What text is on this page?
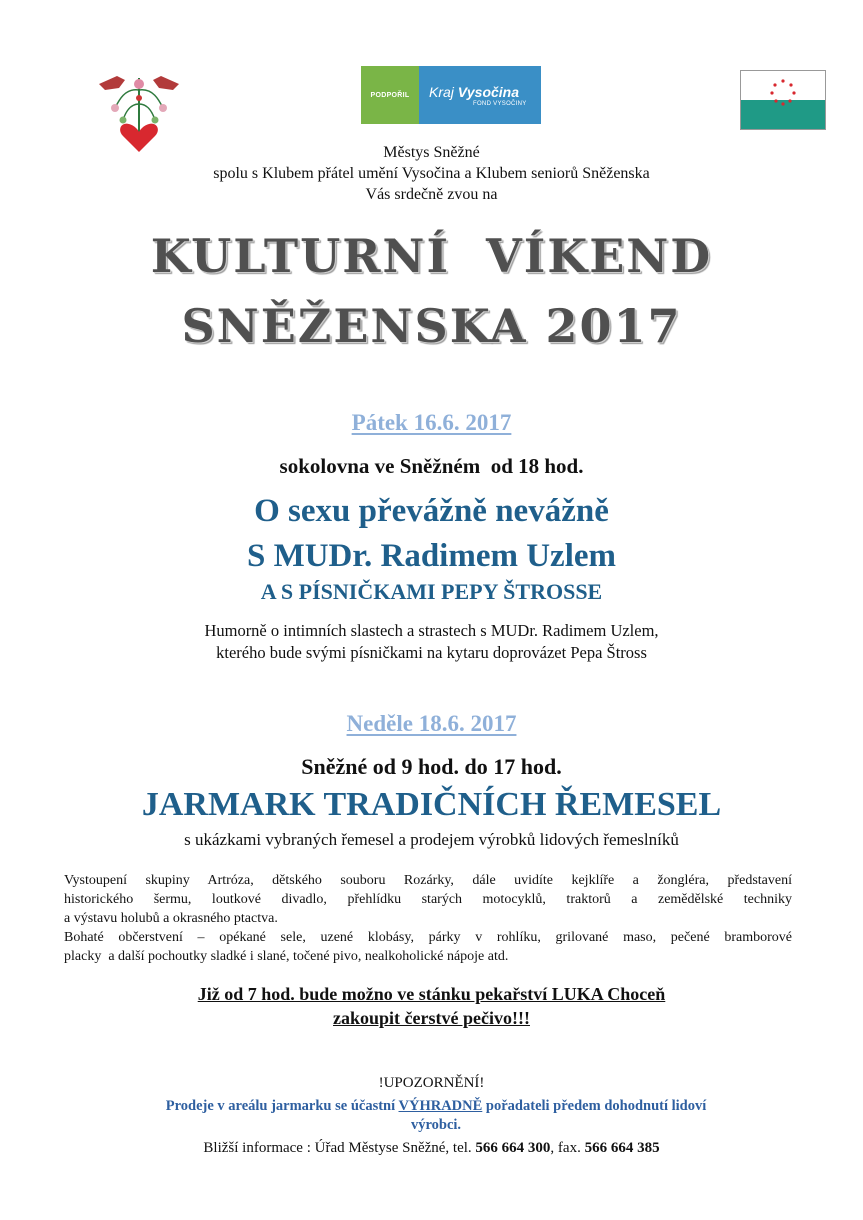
PODPOŘIL	Kraj Vysočina
FOND VYSOČINY
Městys Sněžné
spolu s Klubem přátel umění Vysočina a Klubem seniorů Sněženska
Vás srdečně zvou na
KULTURNÍ  VÍKEND
SNĚŽENSKA 2017
Pátek 16.6. 2017
sokolovna ve Sněžném  od 18 hod.
O sexu převážně nevážně
S MUDr. Radimem Uzlem
A S PÍSNIČKAMI PEPY ŠTROSSE
Humorně o intimních slastech a strastech s MUDr. Radimem Uzlem,
kterého bude svými písničkami na kytaru doprovázet Pepa Štross
Neděle 18.6. 2017
Sněžné od 9 hod. do 17 hod.
JARMARK TRADIČNÍCH ŘEMESEL
s ukázkami vybraných řemesel a prodejem výrobků lidových řemeslníků
Vystoupení skupiny Artróza, dětského souboru Rozárky, dále uvidíte kejklíře a žongléra, představení
historického šermu, loutkové divadlo, přehlídku starých motocyklů, traktorů a zemědělské techniky
a výstavu holubů a okrasného ptactva.
Bohaté občerstvení – opékané sele, uzené klobásy, párky v rohlíku, grilované maso, pečené bramborové
placky  a další pochoutky sladké i slané, točené pivo, nealkoholické nápoje atd.
Již od 7 hod. bude možno ve stánku pekařství LUKA Choceň
zakoupit čerstvé pečivo!!!
!UPOZORNĚNÍ!
Prodeje v areálu jarmarku se účastní VÝHRADNĚ pořadateli předem dohodnutí lidoví
výrobci.
Bližší informace : Úřad Městyse Sněžné, tel. 566 664 300, fax. 566 664 385
